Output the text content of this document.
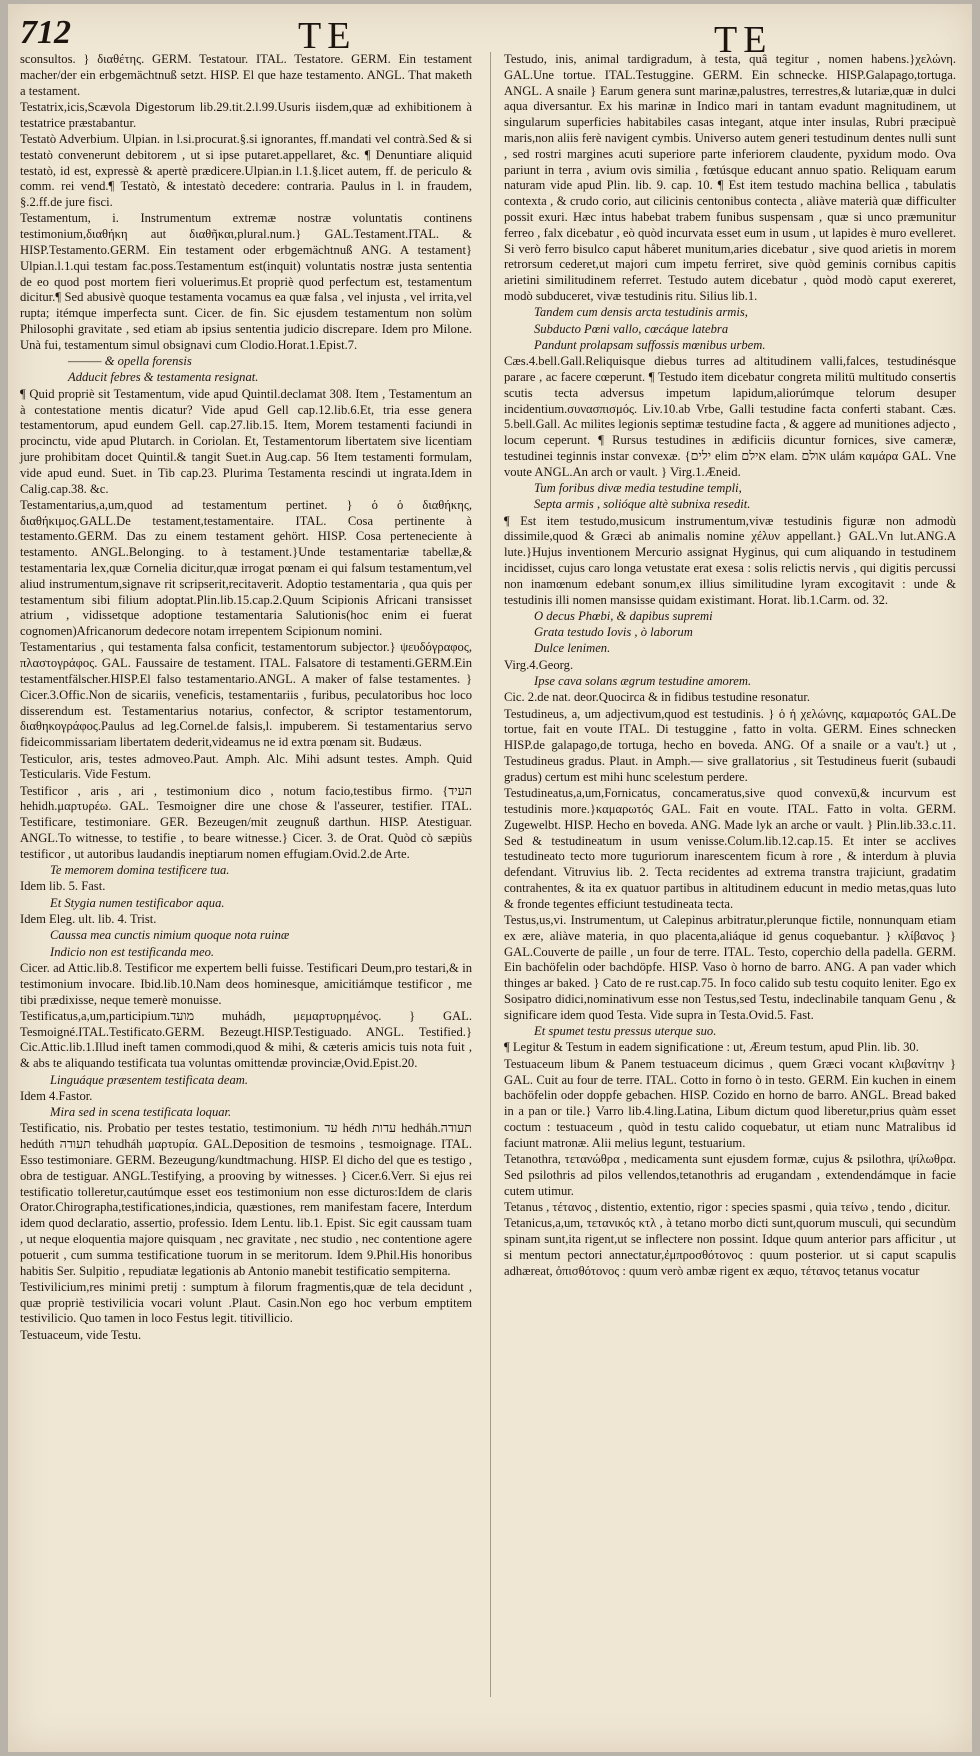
712	TE	TE

sconsultos. } διαθέτης. GERM. Testatour. ITAL. Testatore. GERM. Ein testament macher/der ein erbgemächtnuß setzt. HISP. El que haze testamento. ANGL. That maketh a testament.

Testatrix,icis,Scævola Digestorum lib.29.tit.2.l.99.Usuris iisdem,quæ ad exhibitionem à testatrice præstabantur.

Testatò Adverbium. Ulpian. in l.si.procurat.§.si ignorantes, ff.mandati vel contrà.Sed & si testatò convenerunt debitorem , ut si ipse putaret.appellaret, &c. ¶ Denuntiare aliquid testatò, id est, expressè & apertè prædicere.Ulpian.in l.1.§.licet autem, ff. de periculo & comm. rei vend.¶ Testatò, & intestatò decedere: contraria. Paulus in l. in fraudem, §.2.ff.de jure fisci.

Testamentum, i. Instrumentum extremæ nostræ voluntatis continens testimonium,διαθήκη aut διαθῆκαι,plural.num.} GAL.Testament.ITAL. & HISP.Testamento.GERM. Ein testament oder erbgemächtnuß ANG. A testament} Ulpian.l.1.qui testam fac.poss.Testamentum est(inquit) voluntatis nostræ justa sententia de eo quod post mortem fieri voluerimus.Et propriè quod perfectum est, testamentum dicitur.¶ Sed abusivè quoque testamenta vocamus ea quæ falsa , vel injusta , vel irrita,vel rupta; itémque imperfecta sunt. Cicer. de fin. Sic ejusdem testamentum non solùm Philosophi gravitate , sed etiam ab ipsius sententia judicio discrepare. Idem pro Milone. Unà fui, testamentum simul obsignavi cum Clodio.Horat.1.Epist.7.

——— & opella forensis

Adducit febres & testamenta resignat.

¶ Quid propriè sit Testamentum, vide apud Quintil.declamat 308. Item , Testamentum an à contestatione mentis dicatur? Vide apud Gell cap.12.lib.6.Et, tria esse genera testamentorum, apud eundem Gell. cap.27.lib.15. Item, Morem testamenti faciundi in procinctu, vide apud Plutarch. in Coriolan. Et, Testamentorum libertatem sive licentiam jure prohibitam docet Quintil.& tangit Suet.in Aug.cap. 56 Item testamenti formulam, vide apud eund. Suet. in Tib cap.23. Plurima Testamenta rescindi ut ingrata.Idem in Calig.cap.38. &c.

Testamentarius,a,um,quod ad testamentum pertinet. } ὁ ὁ διαθήκης, διαθήκιμος.GALL.De testament,testamentaire. ITAL. Cosa pertinente à testamento.GERM. Das zu einem testament gehört. HISP. Cosa perteneciente à testamento. ANGL.Belonging. to à testament.}Unde testamentariæ tabellæ,& testamentaria lex,quæ Cornelia dicitur,quæ irrogat pœnam ei qui falsum testamentum,vel aliud instrumentum,signave rit scripserit,recitaverit. Adoptio testamentaria , qua quis per testamentum sibi filium adoptat.Plin.lib.15.cap.2.Quum Scipionis Africani transisset atrium , vidissetque adoptione testamentaria Salutionis(hoc enim ei fuerat cognomen)Africanorum dedecore notam irrepentem Scipionum nomini.

Testamentarius , qui testamenta falsa conficit, testamentorum subjector.} ψευδόγραφος, πλαστογράφος. GAL. Faussaire de testament. ITAL. Falsatore di testamenti.GERM.Ein testamentfälscher.HISP.El falso testamentario.ANGL. A maker of false testamentes. } Cicer.3.Offic.Non de sicariis, veneficis, testamentariis , furibus, peculatoribus hoc loco disserendum est. Testamentarius notarius, confector, & scriptor testamentorum, διαθηκογράφος.Paulus ad leg.Cornel.de falsis,l. impuberem. Si testamentarius servo fideicommissariam libertatem dederit,videamus ne id extra pœnam sit. Budæus.

Testiculor, aris, testes admoveo.Paut. Amph. Alc. Mihi adsunt testes. Amph. Quid Testicularis. Vide Festum.

Testificor , aris , ari , testimonium dico , notum facio,testibus firmo. {העיד hehidh.μαρτυρέω. GAL. Tesmoigner dire une chose & l'asseurer, testifier. ITAL. Testificare, testimoniare. GER. Bezeugen/mit zeugnuß darthun. HISP. Atestiguar. ANGL.To witnesse, to testifie , to beare witnesse.} Cicer. 3. de Orat. Quòd cò sæpiùs testificor , ut autoribus laudandis ineptiarum nomen effugiam.Ovid.2.de Arte.

Te memorem domina testificere tua.

Idem lib. 5. Fast.

Et Stygia numen testificabor aqua.

Idem Eleg. ult. lib. 4. Trist.

Caussa mea cunctis nimium quoque nota ruinæ

Indicio non est testificanda meo.

Cicer. ad Attic.lib.8. Testificor me expertem belli fuisse. Testificari Deum,pro testari,& in testimonium invocare. Ibid.lib.10.Nam deos hominesque, amicitiámque testificor , me tibi prædixisse, neque temerè monuisse.

Testificatus,a,um,participium.מועד muhádh, μεμαρτυρημένος. } GAL. Tesmoigné.ITAL.Testificato.GERM. Bezeugt.HISP.Testiguado. ANGL. Testified.} Cic.Attic.lib.1.Illud ineft tamen commodi,quod & mihi, & cæteris amicis tuis nota fuit , & abs te aliquando testificata tua voluntas omittendæ provinciæ,Ovid.Epist.20.

Linguáque præsentem testificata deam.

Idem 4.Fastor.

Mira sed in scena testificata loquar.

Testificatio, nis. Probatio per testes testatio, testimonium. עד hédh עדות hedháh.תעודה hedúth תעודה tehudháh μαρτυρία. GAL.Deposition de tesmoins , tesmoignage. ITAL. Esso testimoniare. GERM. Bezeugung/kundtmachung. HISP. El dicho del que es testigo , obra de testiguar. ANGL.Testifying, a prooving by witnesses. } Cicer.6.Verr. Si ejus rei testificatio tolleretur,cautúmque esset eos testimonium non esse dicturos:Idem de claris Orator.Chirographa,testificationes,indicia, quæstiones, rem manifestam facere, Interdum idem quod declaratio, assertio, professio. Idem Lentu. lib.1. Epist. Sic egit caussam tuam , ut neque eloquentia majore quisquam , nec gravitate , nec studio , nec contentione agere potuerit , cum summa testificatione tuorum in se meritorum. Idem 9.Phil.His honoribus habitis Ser. Sulpitio , repudiatæ legationis ab Antonio manebit testificatio sempiterna.

Testivilicium,res minimi pretij : sumptum à filorum fragmentis,quæ de tela decidunt , quæ propriè testivilicia vocari volunt .Plaut. Casin.Non ego hoc verbum emptitem testivilicio. Quo tamen in loco Festus legit. titivillicio.

Testuaceum, vide Testu.

Testudo, inis, animal tardigradum, à testa, quâ tegitur , nomen habens.}χελώνη. GAL.Une tortue. ITAL.Testuggine. GERM. Ein schnecke. HISP.Galapago,tortuga. ANGL. A snaile } Earum genera sunt marinæ,palustres, terrestres,& lutariæ,quæ in dulci aqua diversantur. Ex his marinæ in Indico mari in tantam evadunt magnitudinem, ut singularum superficies habitabiles casas integant, atque inter insulas, Rubri præcipuè maris,non aliis ferè navigent cymbis. Universo autem generi testudinum dentes nulli sunt , sed rostri margines acuti superiore parte inferiorem claudente, pyxidum modo. Ova pariunt in terra , avium ovis similia , fœtúsque educant annuo spatio. Reliquam earum naturam vide apud Plin. lib. 9. cap. 10. ¶ Est item testudo machina bellica , tabulatis contexta , & crudo corio, aut cilicinis centonibus contecta , aliàve materià quæ difficulter possit exuri. Hæc intus habebat trabem funibus suspensam , quæ si unco præmunitur ferreo , falx dicebatur , eò quòd incurvata esset eum in usum , ut lapides è muro evelleret. Si verò ferro bisulco caput håberet munitum,aries dicebatur , sive quod arietis in morem retrorsum cederet,ut majori cum impetu ferriret, sive quòd geminis cornibus capitis arietini similitudinem referret. Testudo autem dicebatur , quòd modò caput exereret, modò subduceret, vivæ testudinis ritu. Silius lib.1.

Tandem cum densis arcta testudinis armis,

Subducto Pœni vallo, cœcáque latebra

Pandunt prolapsam suffossis mœnibus urbem.

Cæs.4.bell.Gall.Reliquisque diebus turres ad altitudinem valli,falces, testudinésque parare , ac facere cœperunt. ¶ Testudo item dicebatur congreta militū multitudo consertis scutis tecta adversus impetum lapidum,aliorúmque telorum desuper incidentium.συνασπισμός. Liv.10.ab Vrbe, Galli testudine facta conferti stabant. Cæs. 5.bell.Gall. Ac milites legionis septimæ testudine facta , & aggere ad munitiones adjecto , locum ceperunt. ¶ Rursus testudines in ædificiis dicuntur fornices, sive cameræ, testudinei teginnis instar convexæ. {ילים elim אילם elam. אולם ulám καμάρα GAL. Vne voute ANGL.An arch or vault. } Virg.1.Æneid.

Tum foribus divæ media testudine templi,

Septa armis , solióque altè subnixa resedit.

¶ Est item testudo,musicum instrumentum,vivæ testudinis figuræ non admodù dissimile,quod & Græci ab animalis nomine χέλυν appellant.} GAL.Vn lut.ANG.A lute.}Hujus inventionem Mercurio assignat Hyginus, qui cum aliquando in testudinem incidisset, cujus caro longa vetustate erat exesa : solis relictis nervis , qui digitis percussi non inamœnum edebant sonum,ex illius similitudine lyram excogitavit : unde & testudinis illi nomen mansisse quidam existimant. Horat. lib.1.Carm. od. 32.

O decus Phœbi, & dapibus supremi

Grata testudo Iovis , ò laborum

Dulce lenimen.

Virg.4.Georg.

Ipse cava solans ægrum testudine amorem.

Cic. 2.de nat. deor.Quocirca & in fidibus testudine resonatur.

Testudineus, a, um adjectivum,quod est testudinis. } ὁ ἡ χελώνης, καμαρωτός GAL.De tortue, fait en voute ITAL. Di testuggine , fatto in volta. GERM. Eines schnecken HISP.de galapago,de tortuga, hecho en boveda. ANG. Of a snaile or a vau't.} ut , Testudineus gradus. Plaut. in Amph.— sive grallatorius , sit Testudineus fuerit (subaudi gradus) certum est mihi hunc scelestum perdere.

Testudineatus,a,um,Fornicatus, concameratus,sive quod convexū,& incurvum est testudinis more.}καμαρωτός GAL. Fait en voute. ITAL. Fatto in volta. GERM. Zugewelbt. HISP. Hecho en boveda. ANG. Made lyk an arche or vault. } Plin.lib.33.c.11. Sed & testudineatum in usum venisse.Colum.lib.12.cap.15. Et inter se acclives testudineato tecto more tuguriorum inarescentem ficum à rore , & interdum à pluvia defendant. Vitruvius lib. 2. Tecta recidentes ad extrema transtra trajiciunt, gradatim contrahentes, & ita ex quatuor partibus in altitudinem educunt in medio metas,quas luto & fronde tegentes efficiunt testudineata tecta.

Testus,us,vi. Instrumentum, ut Calepinus arbitratur,plerunque fictile, nonnunquam etiam ex ære, aliàve materia, in quo placenta,aliáque id genus coquebantur. } κλίβανος } GAL.Couverte de paille , un four de terre. ITAL. Testo, coperchio della padella. GERM. Ein bachöfelin oder bachdöpfe. HISP. Vaso ò horno de barro. ANG. A pan vader which thinges ar baked. } Cato de re rust.cap.75. In foco calido sub testu coquito leniter. Ego ex Sosipatro didici,nominativum esse non Testus,sed Testu, indeclinabile tanquam Genu , & significare idem quod Testa. Vide supra in Testa.Ovid.5. Fast.

Et spumet testu pressus uterque suo.

¶ Legitur & Testum in eadem significatione : ut, Æreum testum, apud Plin. lib. 30.

Testuaceum libum & Panem testuaceum dicimus , quem Græci vocant κλιβανίτην } GAL. Cuit au four de terre. ITAL. Cotto in forno ò in testo. GERM. Ein kuchen in einem bachöfelin oder doppfe gebachen. HISP. Cozido en horno de barro. ANGL. Bread baked in a pan or tile.} Varro lib.4.ling.Latina, Libum dictum quod liberetur,prius quàm esset coctum : testuaceum , quòd in testu calido coquebatur, ut etiam nunc Matralibus id faciunt matronæ. Alii melius legunt, testuarium.

Tetanothra, τετανώθρα , medicamenta sunt ejusdem formæ, cujus & psilothra, ψίλωθρα. Sed psilothris ad pilos vellendos,tetanothris ad erugandam , extendendámque in facie cutem utimur.

Tetanus , τέτανος , distentio, extentio, rigor : species spasmi , quia τείνω , tendo , dicitur.

Tetanicus,a,um, τετανικός κτλ , à tetano morbo dicti sunt,quorum musculi, qui secundùm spinam sunt,ita rigent,ut se inflectere non possint. Idque quum anterior pars afficitur , ut si mentum pectori annectatur,ἐμπροσθότονος : quum posterior. ut si caput scapulis adhæreat, ὀπισθότονος : quum verò ambæ rigent ex æquo, τέτανος tetanus vocatur
